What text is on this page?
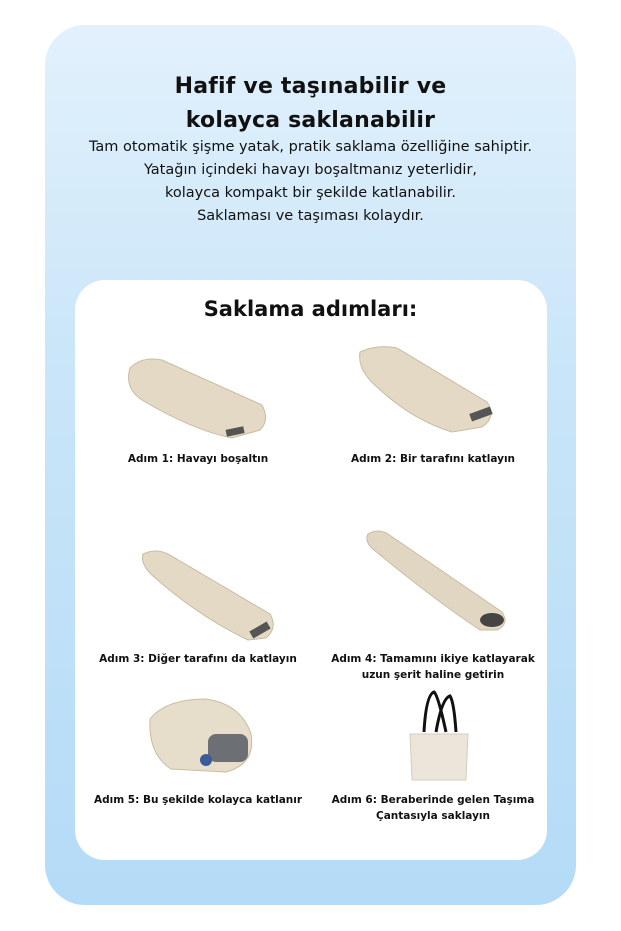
Hafif ve taşınabilir ve
kolayca saklanabilir
Tam otomatik şişme yatak, pratik saklama özelliğine sahiptir.
Yatağın içindeki havayı boşaltmanız yeterlidir,
kolayca kompakt bir şekilde katlanabilir.
Saklaması ve taşıması kolaydır.
Saklama adımları:
Adım 1: Havayı boşaltın	Adım 2: Bir tarafını katlayın
Adım 3: Diğer tarafını da katlayın	Adım 4: Tamamını ikiye katlayarak
uzun şerit haline getirin
Adım 5: Bu şekilde kolayca katlanır	Adım 6: Beraberinde gelen Taşıma
Çantasıyla saklayın
